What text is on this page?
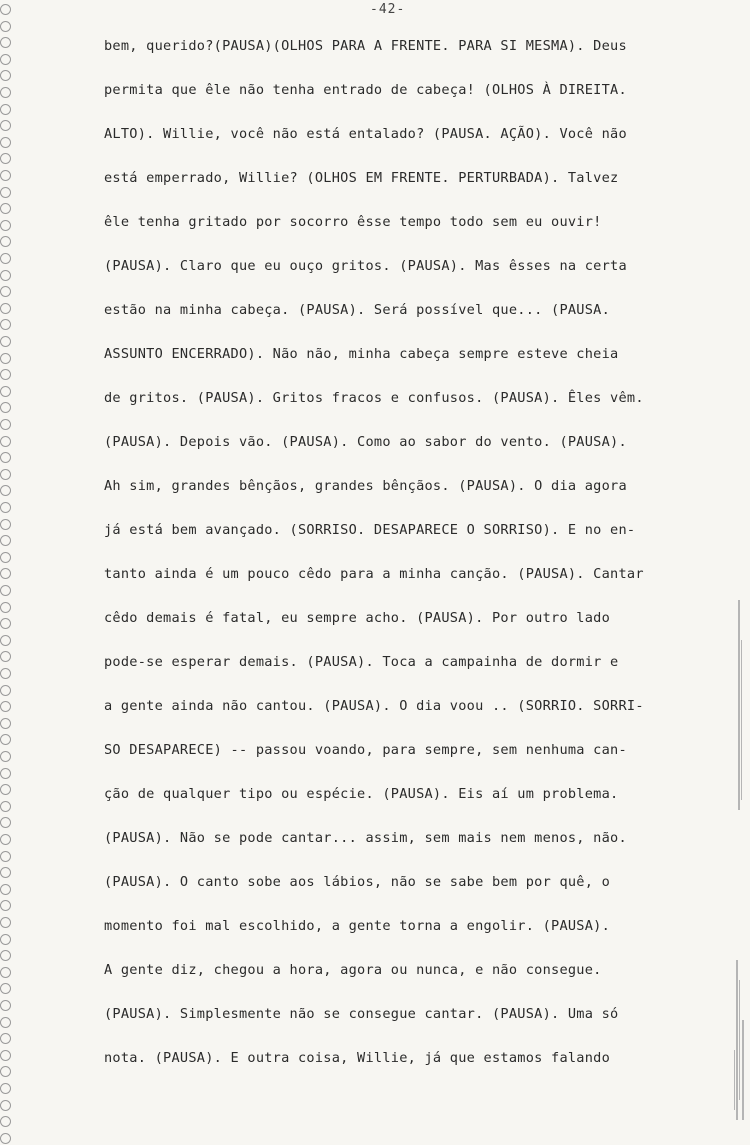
-42-
bem, querido?(PAUSA)(OLHOS PARA A FRENTE. PARA SI MESMA). Deus
permita que êle não tenha entrado de cabeça! (OLHOS À DIREITA.
ALTO). Willie, você não está entalado? (PAUSA. AÇÃO). Você não
está emperrado, Willie? (OLHOS EM FRENTE. PERTURBADA). Talvez
êle tenha gritado por socorro êsse tempo todo sem eu ouvir!
(PAUSA). Claro que eu ouço gritos. (PAUSA). Mas êsses na certa
estão na minha cabeça. (PAUSA). Será possível que... (PAUSA.
ASSUNTO ENCERRADO). Não não, minha cabeça sempre esteve cheia
de gritos. (PAUSA). Gritos fracos e confusos. (PAUSA). Êles vêm.
(PAUSA). Depois vão. (PAUSA). Como ao sabor do vento. (PAUSA).
Ah sim, grandes bênçãos, grandes bênçãos. (PAUSA). O dia agora
já está bem avançado. (SORRISO. DESAPARECE O SORRISO). E no en-
tanto ainda é um pouco cêdo para a minha canção. (PAUSA). Cantar
cêdo demais é fatal, eu sempre acho. (PAUSA). Por outro lado
pode-se esperar demais. (PAUSA). Toca a campainha de dormir e
a gente ainda não cantou. (PAUSA). O dia voou .. (SORRIO. SORRI-
SO DESAPARECE) -- passou voando, para sempre, sem nenhuma can-
ção de qualquer tipo ou espécie. (PAUSA). Eis aí um problema.
(PAUSA). Não se pode cantar... assim, sem mais nem menos, não.
(PAUSA). O canto sobe aos lábios, não se sabe bem por quê, o
momento foi mal escolhido, a gente torna a engolir. (PAUSA).
A gente diz, chegou a hora, agora ou nunca, e não consegue.
(PAUSA). Simplesmente não se consegue cantar. (PAUSA). Uma só
nota. (PAUSA). E outra coisa, Willie, já que estamos falando
